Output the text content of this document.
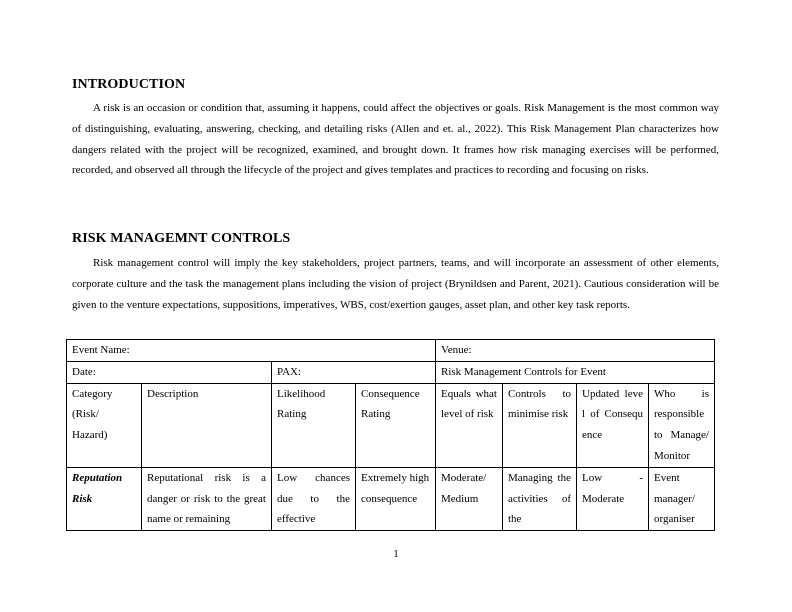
INTRODUCTION

A risk is an occasion or condition that, assuming it happens, could affect the objectives or goals. Risk Management is the most common way of distinguishing, evaluating, answering, checking, and detailing risks (Allen and et. al., 2022). This Risk Management Plan characterizes how dangers related with the project will be recognized, examined, and brought down. It frames how risk managing exercises will be performed, recorded, and observed all through the lifecycle of the project and gives templates and practices to recording and focusing on risks.

RISK MANAGEMNT CONTROLS

Risk management control will imply the key stakeholders, project partners, teams, and will incorporate an assessment of other elements, corporate culture and the task the management plans including the vision of project (Brynildsen and Parent, 2021). Cautious consideration will be given to the venture expectations, suppositions, imperatives, WBS, cost/exertion gauges, asset plan, and other key task reports.

Event Name:				Venue:			
Date:		PAX:		Risk Management Controls for Event			
Category (Risk/ Hazard)	Description	Likelihood Rating	Consequence Rating	Equals what level of risk	Controls to minimise risk	Updated level of Consequence	Who is responsible to Manage/ Monitor
Reputation Risk	Reputational risk is a danger or risk to the great name or remaining	Low chances due to the effective	Extremely high consequence	Moderate/ Medium	Managing the activities of the	Low - Moderate	Event manager/ organiser
1
